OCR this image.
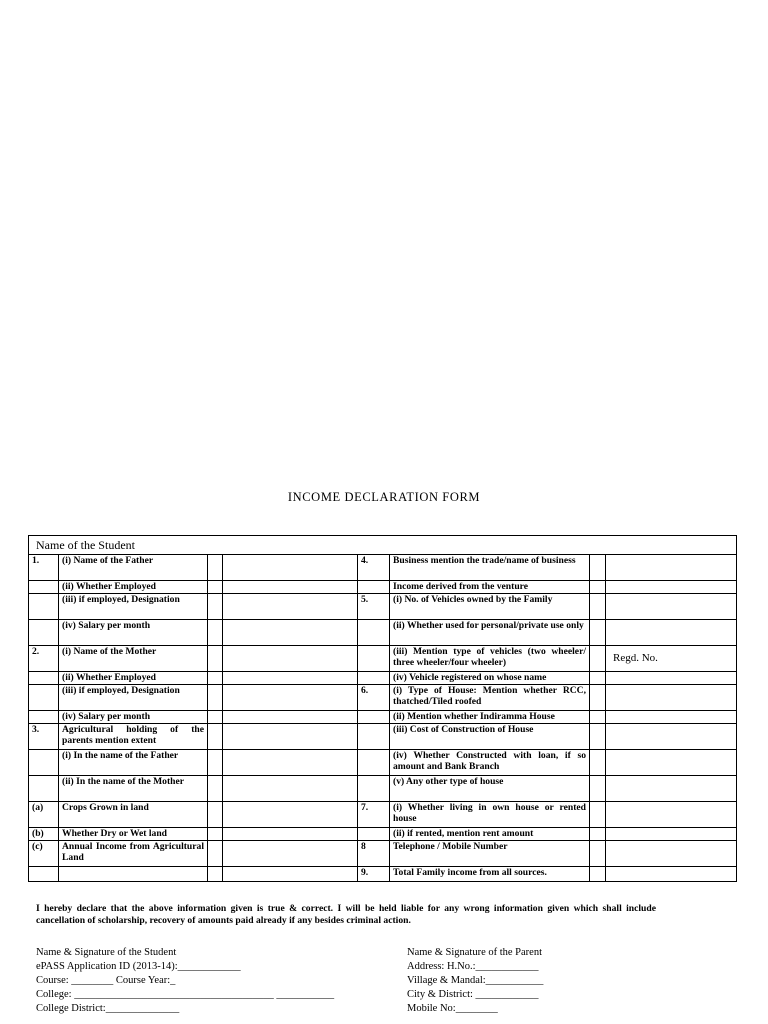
INCOME DECLARATION FORM
Name of the Student							
1.	(i) Name of the Father			4.	Business mention the trade/name of business		
	(ii) Whether Employed				Income derived from the venture		
	(iii) if employed, Designation			5.	(i) No. of Vehicles owned by the Family		
	(iv) Salary per month				(ii) Whether used for personal/private use only		
2.	(i) Name of the Mother				(iii) Mention type of vehicles (two wheeler/ three wheeler/four wheeler)		Regd. No.
	(ii) Whether Employed				(iv) Vehicle registered on whose name		
	(iii) if employed, Designation			6.	(i) Type of House: Mention whether RCC, thatched/Tiled roofed		
	(iv) Salary per month				(ii) Mention whether Indiramma House		
3.	Agricultural holding of the parents mention extent				(iii) Cost of Construction of House		
	(i) In the name of the Father				(iv) Whether Constructed with loan, if so amount and Bank Branch		
	(ii) In the name of the Mother				(v) Any other type of house		
(a)	Crops Grown in land			7.	(i) Whether living in own house or rented house		
(b)	Whether Dry or Wet land				(ii) if rented, mention rent amount		
(c)	Annual Income from Agricultural Land			8	Telephone / Mobile Number		
				9.	Total Family income from all sources.		
I hereby declare that the above information given is true & correct. I will be held liable for any wrong information given which shall include cancellation of scholarship, recovery of amounts paid already if any besides criminal action.
Name & Signature of the Student
ePASS Application ID (2013-14):____________
Course: ________ Course Year:_
College: ______________________________________ ___________
College District:______________
Name & Signature of the Parent
Address: H.No.:____________
Village & Mandal:___________
City & District: ____________
Mobile No:________
